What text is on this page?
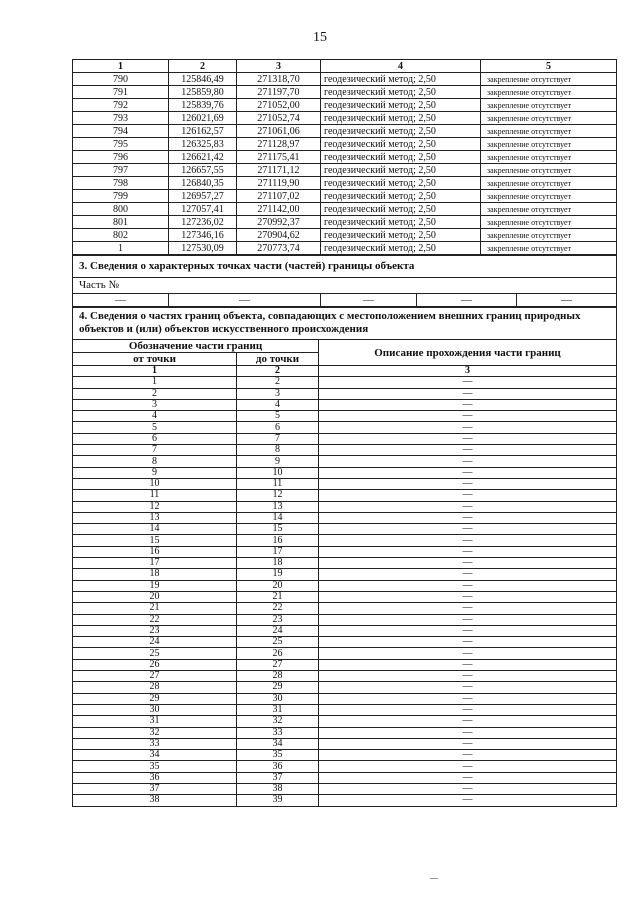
15
1	2	3	4	5
790	125846,49	271318,70	геодезический метод; 2,50	закрепление отсутствует
791	125859,80	271197,70	геодезический метод; 2,50	закрепление отсутствует
792	125839,76	271052,00	геодезический метод; 2,50	закрепление отсутствует
793	126021,69	271052,74	геодезический метод; 2,50	закрепление отсутствует
794	126162,57	271061,06	геодезический метод; 2,50	закрепление отсутствует
795	126325,83	271128,97	геодезический метод; 2,50	закрепление отсутствует
796	126621,42	271175,41	геодезический метод; 2,50	закрепление отсутствует
797	126657,55	271171,12	геодезический метод; 2,50	закрепление отсутствует
798	126840,35	271119,90	геодезический метод; 2,50	закрепление отсутствует
799	126957,27	271107,02	геодезический метод; 2,50	закрепление отсутствует
800	127057,41	271142,00	геодезический метод; 2,50	закрепление отсутствует
801	127236,02	270992,37	геодезический метод; 2,50	закрепление отсутствует
802	127346,16	270904,62	геодезический метод; 2,50	закрепление отсутствует
1	127530,09	270773,74	геодезический метод; 2,50	закрепление отсутствует
3. Сведения о характерных точках части (частей) границы объекта
Часть №
—	—	—	—	—
4. Сведения о частях границ объекта, совпадающих с местоположением внешних границ природных объектов и (или) объектов искусственного происхождения		
Обозначение части границ		Описание прохождения части границ
от точки	до точки	
1	2	3
1	2	—
2	3	—
3	4	—
4	5	—
5	6	—
6	7	—
7	8	—
8	9	—
9	10	—
10	11	—
11	12	—
12	13	—
13	14	—
14	15	—
15	16	—
16	17	—
17	18	—
18	19	—
19	20	—
20	21	—
21	22	—
22	23	—
23	24	—
24	25	—
25	26	—
26	27	—
27	28	—
28	29	—
29	30	—
30	31	—
31	32	—
32	33	—
33	34	—
34	35	—
35	36	—
36	37	—
37	38	—
38	39	—
